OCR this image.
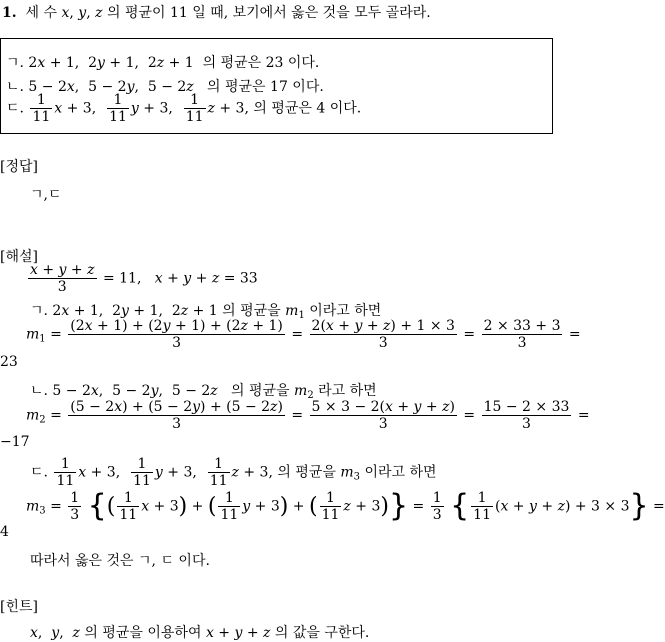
1.  세 수 x, y, z 의 평균이 11 일 때, 보기에서 옳은 것을 모두 골라라.
ㄱ. 2x + 1,  2y + 1,  2z + 1  의 평균은 23 이다.
ㄴ. 5 − 2x,  5 − 2y,  5 − 2z   의 평균은 17 이다.
ㄷ. $\frac{1}{11}$ x + 3, $\frac{1}{11}$ y + 3, $\frac{1}{11}$ z + 3, 의 평균은 4 이다.
[정답]
ㄱ,ㄷ
[해설]
$\frac{x + y + z}{3} = 11$,   x + y + z = 33
ㄱ. 2x + 1,  2y + 1,  2z + 1 의 평균을 $m_1$ 이라고 하면
$m_1 = \frac{(2x + 1) + (2y + 1) + (2z + 1)}{3} = \frac{2(x + y + z) + 1 \times 3}{3} = \frac{2 \times 33 + 3}{3}$ =
23
ㄴ. 5 − 2x,  5 − 2y,  5 − 2z   의 평균을 $m_2$ 라고 하면
$m_2 = \frac{(5 - 2x) + (5 - 2y) + (5 - 2z)}{3} = \frac{5 \times 3 - 2(x + y + z)}{3} = \frac{15 - 2 \times 33}{3}$ =
−17
ㄷ. $\frac{1}{11}$ x + 3, $\frac{1}{11}$ y + 3, $\frac{1}{11}$ z + 3, 의 평균을 $m_3$ 이라고 하면
$m_3 = \frac{1}{3}$ {( $\frac{1}{11}$ x + 3) + ( $\frac{1}{11}$ y + 3) + ( $\frac{1}{11}$ $z + 3)\} = \frac{1}{3}$ { $\frac{1}{11} (x + y + z) + 3 \times 3$} =
4
따라서 옳은 것은 ㄱ, ㄷ 이다.
[힌트]
x,  y,  z 의 평균을 이용하여 x + y + z 의 값을 구한다.
